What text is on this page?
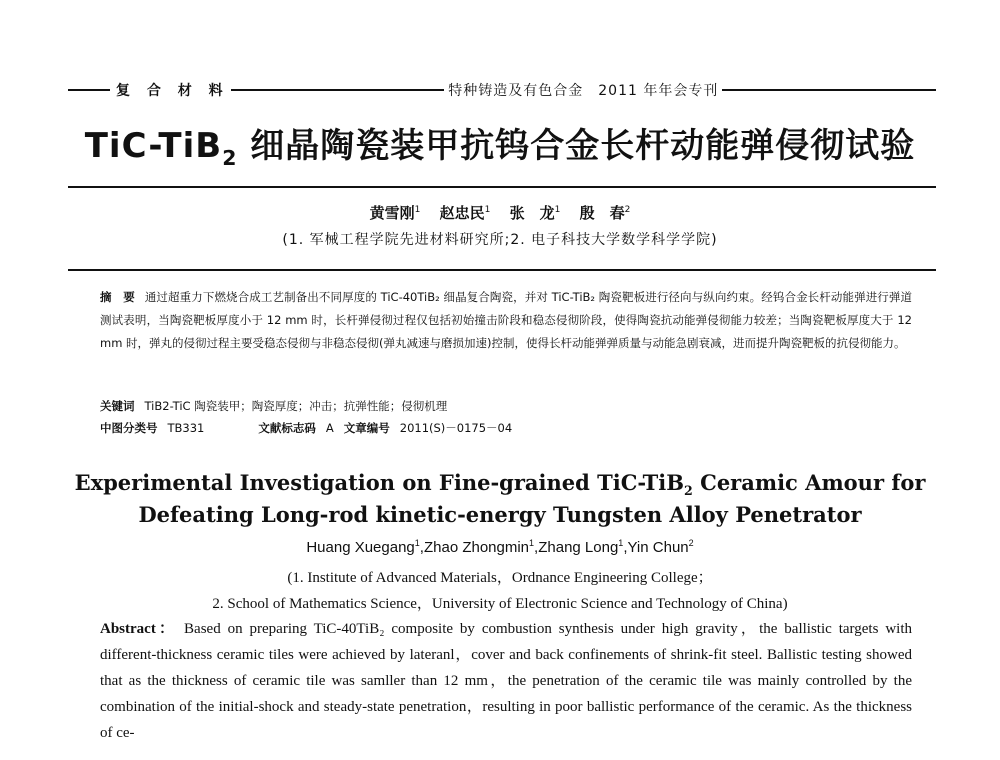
复 合 材 料	特种铸造及有色合金　2011 年年会专刊
TiC-TiB$_2$ 细晶陶瓷装甲抗钨合金长杆动能弹侵彻试验
黄雪刚$^1$ 赵忠民$^1$ 张　龙$^1$ 殷　春$^2$
(1. 军械工程学院先进材料研究所;2. 电子科技大学数学科学学院)
摘　要 通过超重力下燃烧合成工艺制备出不同厚度的 TiC-40TiB₂ 细晶复合陶瓷，并对 TiC-TiB₂ 陶瓷靶板进行径向与纵向约束。经钨合金长杆动能弹进行弹道测试表明，当陶瓷靶板厚度小于 12 mm 时，长杆弹侵彻过程仅包括初始撞击阶段和稳态侵彻阶段，使得陶瓷抗动能弹侵彻能力较差；当陶瓷靶板厚度大于 12 mm 时，弹丸的侵彻过程主要受稳态侵彻与非稳态侵彻(弹丸减速与磨损加速)控制，使得长杆动能弹弹质量与动能急剧衰减，进而提升陶瓷靶板的抗侵彻能力。
关键词 TiB2-TiC 陶瓷装甲；陶瓷厚度；冲击；抗弹性能；侵彻机理
中图分类号 TB331	文献标志码 A 文章编号 2011(S)－0175－04
Experimental Investigation on Fine-grained TiC-TiB$_2$ Ceramic Amour for
Defeating Long-rod kinetic-energy Tungsten Alloy Penetrator
Huang Xuegang$^1$,Zhao Zhongmin$^1$,Zhang Long$^1$,Yin Chun$^2$
(1. Institute of Advanced Materials，Ordnance Engineering College；
2. School of Mathematics Science，University of Electronic Science and Technology of China)
Abstract： Based on preparing TiC-40TiB₂ composite by combustion synthesis under high gravity，the ballistic targets with different-thickness ceramic tiles were achieved by lateranl，cover and back confinements of shrink-fit steel. Ballistic testing showed that as the thickness of ceramic tile was samller than 12 mm，the penetration of the ceramic tile was mainly controlled by the combination of the initial-shock and steady-state penetration，resulting in poor ballistic performance of the ceramic. As the thickness of ce-
